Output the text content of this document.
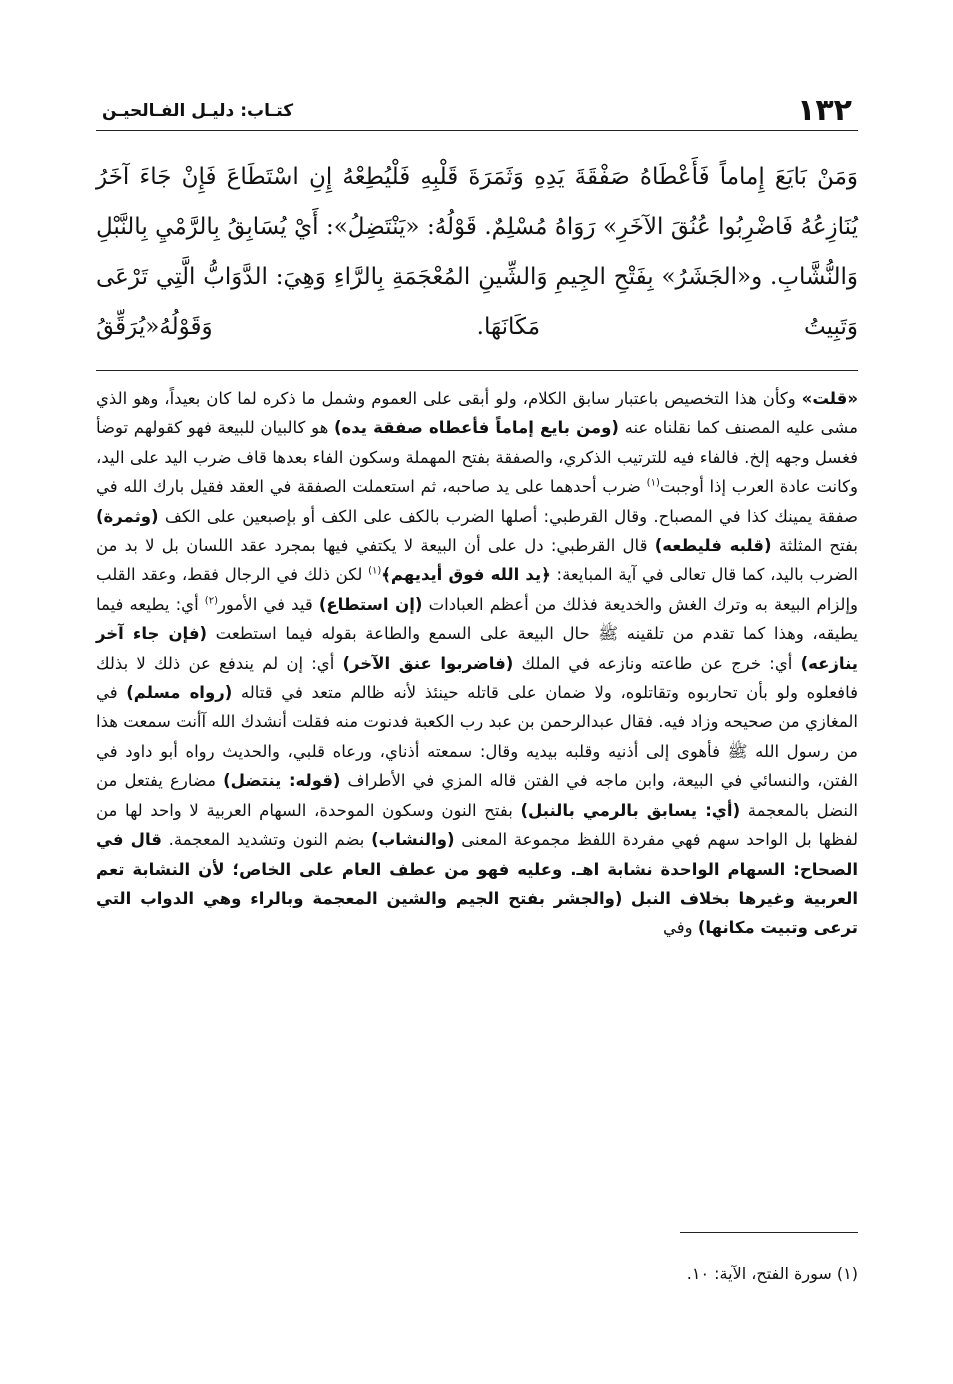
١٣٢
كتـاب: دليـل الفـالحيـن

وَمَنْ بَايَعَ إِماماً فَأَعْطَاهُ صَفْقَةَ يَدِهِ وَثَمَرَةَ قَلْبِهِ فَلْيُطِعْهُ إِنِ اسْتَطَاعَ فَإِنْ جَاءَ آخَرُ يُنَازِعُهُ فَاضْرِبُوا عُنُقَ الآخَرِ» رَوَاهُ مُسْلِمٌ. قَوْلُهُ: «يَنْتَضِلُ»: أَيْ يُسَابِقُ بِالرَّمْيِ بِالنَّبْلِ وَالنُّشَّابِ. و«الجَشَرُ» بِفَتْحِ الجِيمِ وَالشِّينِ المُعْجَمَةِ بِالرَّاءِ وَهِيَ: الدَّوَابُّ الَّتِي تَرْعَى وَتَبِيتُ مَكَانَهَا. وَقَوْلُهُ«يُرَقِّقُ

«قلت» وكأن هذا التخصيص باعتبار سابق الكلام، ولو أبقى على العموم وشمل ما ذكره لما كان بعيداً، وهو الذي مشى عليه المصنف كما نقلناه عنه (ومن بايع إماماً فأعطاه صفقة يده) هو كالبيان للبيعة فهو كقولهم توضأ فغسل وجهه إلخ. فالفاء فيه للترتيب الذكري، والصفقة بفتح المهملة وسكون الفاء بعدها قاف ضرب اليد على اليد، وكانت عادة العرب إذا أوجبت$^{(١)}$ ضرب أحدهما على يد صاحبه، ثم استعملت الصفقة في العقد فقيل بارك الله في صفقة يمينك كذا في المصباح. وقال القرطبي: أصلها الضرب بالكف على الكف أو بإصبعين على الكف (وثمرة) بفتح المثلثة (قلبه فليطعه) قال القرطبي: دل على أن البيعة لا يكتفي فيها بمجرد عقد اللسان بل لا بد من الضرب باليد، كما قال تعالى في آية المبايعة: ﴿يد الله فوق أيديهم﴾$^{(١)}$ لكن ذلك في الرجال فقط، وعقد القلب وإلزام البيعة به وترك الغش والخديعة فذلك من أعظم العبادات (إن استطاع) قيد في الأمور$^{(٢)}$ أي: يطيعه فيما يطيقه، وهذا كما تقدم من تلقينه ﷺ حال البيعة على السمع والطاعة بقوله فيما استطعت (فإن جاء آخر ينازعه) أي: خرج عن طاعته ونازعه في الملك (فاضربوا عنق الآخر) أي: إن لم يندفع عن ذلك لا بذلك فافعلوه ولو بأن تحاربوه وتقاتلوه، ولا ضمان على قاتله حينئذ لأنه ظالم متعد في قتاله (رواه مسلم) في المغازي من صحيحه وزاد فيه. فقال عبدالرحمن بن عبد رب الكعبة فدنوت منه فقلت أنشدك الله آأنت سمعت هذا من رسول الله ﷺ فأهوى إلى أذنيه وقلبه بيديه وقال: سمعته أذناي، ورعاه قلبي، والحديث رواه أبو داود في الفتن، والنسائي في البيعة، وابن ماجه في الفتن قاله المزي في الأطراف (قوله: ينتضل) مضارع يفتعل من النضل بالمعجمة (أي: يسابق بالرمي بالنبل) بفتح النون وسكون الموحدة، السهام العربية لا واحد لها من لفظها بل الواحد سهم فهي مفردة اللفظ مجموعة المعنى (والنشاب) بضم النون وتشديد المعجمة. قال في الصحاح: السهام الواحدة نشابة اهـ. وعليه فهو من عطف العام على الخاص؛ لأن النشابة تعم العربية وغيرها بخلاف النبل (والجشر بفتح الجيم والشين المعجمة وبالراء وهي الدواب التي ترعى وتبيت مكانها) وفي

(١) سورة الفتح، الآية: ١٠.
